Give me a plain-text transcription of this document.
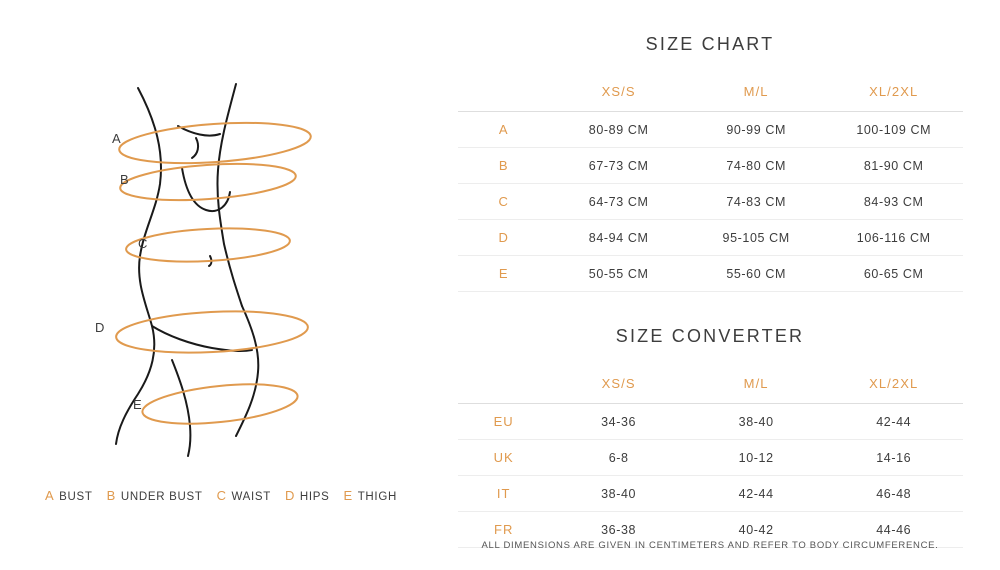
A
B
C
D
E
A BUST B UNDER BUST C WAIST D HIPS E THIGH
SIZE CHART
	XS/S	M/L	XL/2XL
A	80-89 CM	90-99 CM	100-109 CM
B	67-73 CM	74-80 CM	81-90 CM
C	64-73 CM	74-83 CM	84-93 CM
D	84-94 CM	95-105 CM	106-116 CM
E	50-55 CM	55-60 CM	60-65 CM
SIZE CONVERTER
	XS/S	M/L	XL/2XL
EU	34-36	38-40	42-44
UK	6-8	10-12	14-16
IT	38-40	42-44	46-48
FR	36-38	40-42	44-46
ALL DIMENSIONS ARE GIVEN IN CENTIMETERS AND REFER TO BODY CIRCUMFERENCE.
